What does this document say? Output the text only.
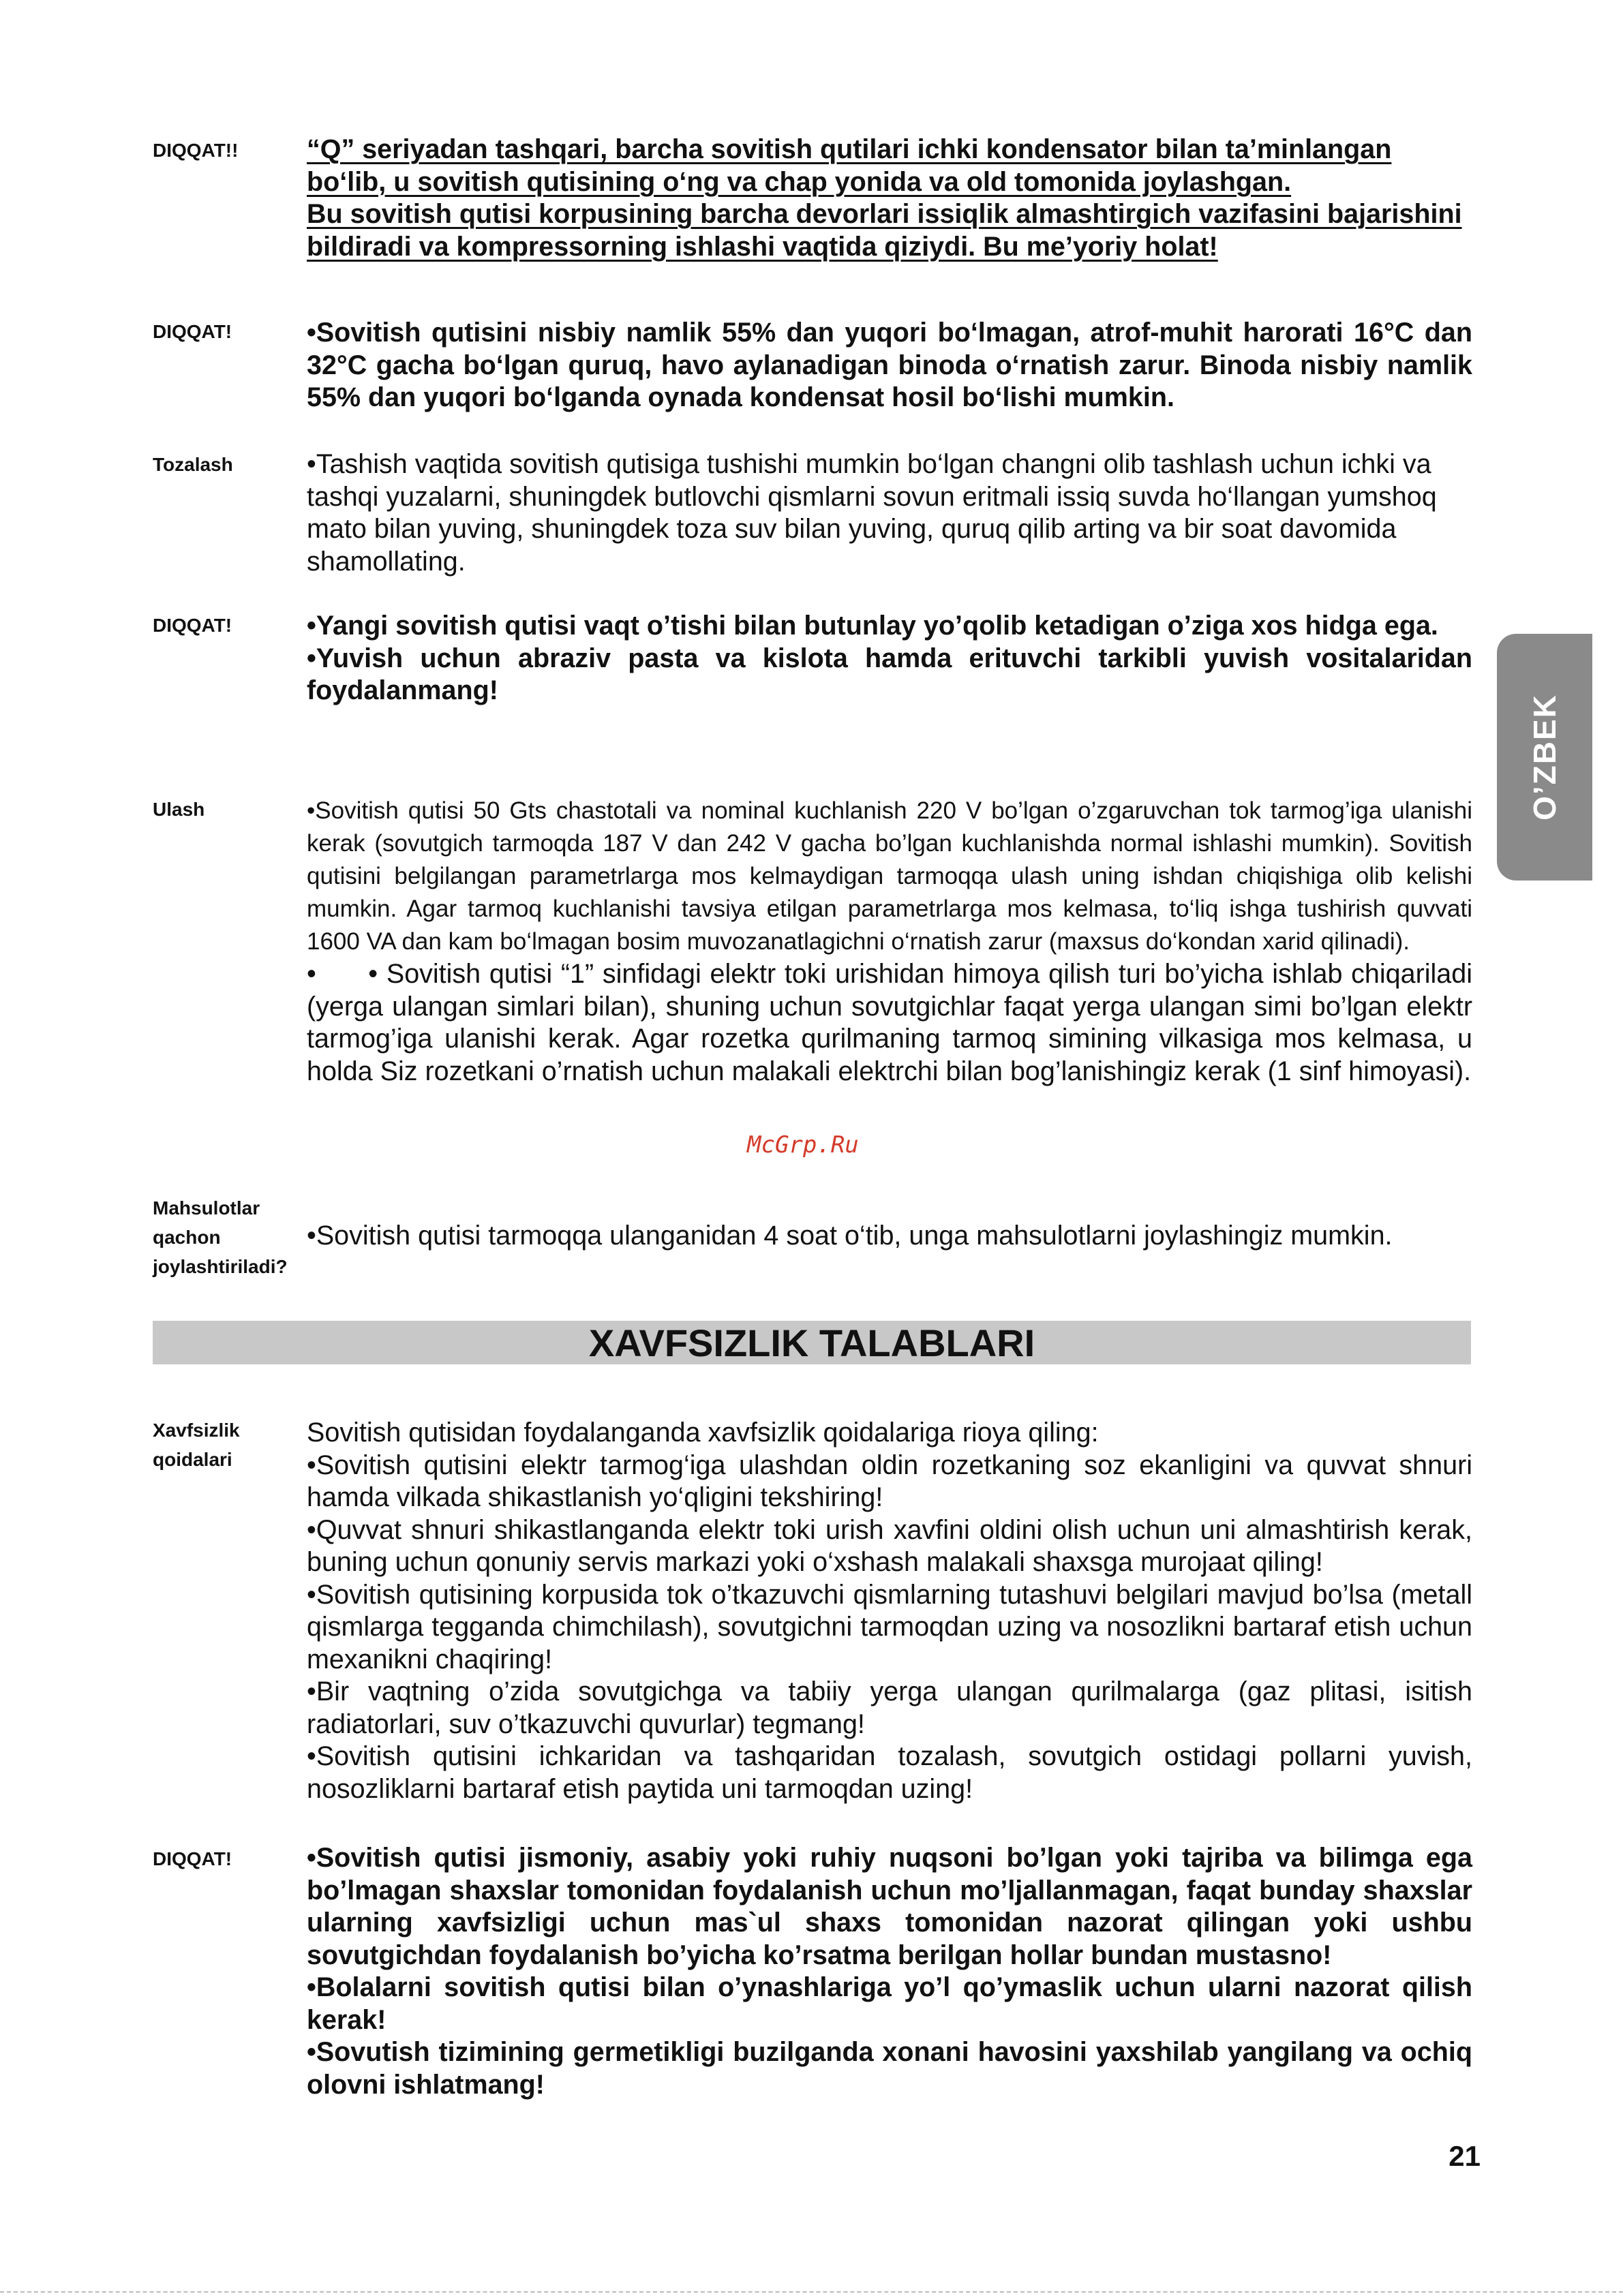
O’ZBEK
DIQQAT!!	“Q” seriyadan tashqari, barcha sovitish qutilari ichki kondensator bilan ta’minlangan bo‘lib, u sovitish qutisining o‘ng va chap yonida va old tomonida joylashgan.

Bu sovitish qutisi korpusining barcha devorlari issiqlik almashtirgich vazifasini bajarishini bildiradi va kompressorning ishlashi vaqtida qiziydi. Bu me’yoriy holat!

DIQQAT!	•Sovitish qutisini nisbiy namlik 55% dan yuqori bo‘lmagan, atrof-muhit harorati 16°C dan 32°C gacha bo‘lgan quruq, havo aylanadigan binoda o‘rnatish zarur. Binoda nisbiy namlik 55% dan yuqori bo‘lganda oynada kondensat hosil bo‘lishi mumkin.

Tozalash	•Tashish vaqtida sovitish qutisiga tushishi mumkin bo‘lgan changni olib tashlash uchun ichki va tashqi yuzalarni, shuningdek butlovchi qismlarni sovun eritmali issiq suvda ho‘llangan yumshoq mato bilan yuving, shuningdek toza suv bilan yuving, quruq qilib arting va bir soat davomida shamollating.

DIQQAT!	•Yangi sovitish qutisi vaqt o’tishi bilan butunlay yo’qolib ketadigan o’ziga xos hidga ega.

•Yuvish uchun abraziv pasta va kislota hamda erituvchi tarkibli yuvish vositalaridan foydalanmang!

Ulash	•Sovitish qutisi 50 Gts chastotali va nominal kuchlanish 220 V bo’lgan o’zgaruvchan tok tarmog’iga ulanishi kerak (sovutgich tarmoqda 187 V dan 242 V gacha bo’lgan kuchlanishda normal ishlashi mumkin). Sovitish qutisini belgilangan parametrlarga mos kelmaydigan tarmoqqa ulash uning ishdan chiqishiga olib kelishi mumkin. Agar tarmoq kuchlanishi tavsiya etilgan parametrlarga mos kelmasa, to‘liq ishga tushirish quvvati 1600 VA dan kam bo‘lmagan bosim muvozanatlagichni o‘rnatish zarur (maxsus do‘kondan xarid qilinadi).

•      • Sovitish qutisi “1” sinfidagi elektr toki urishidan himoya qilish turi bo’yicha ishlab chiqariladi (yerga ulangan simlari bilan), shuning uchun sovutgichlar faqat yerga ulangan simi bo’lgan elektr tarmog’iga ulanishi kerak. Agar rozetka qurilmaning tarmoq simining vilkasiga mos kelmasa, u holda Siz rozetkani o’rnatish uchun malakali elektrchi bilan bog’lanishingiz kerak (1 sinf himoyasi).

McGrp.Ru
Mahsulotlar
qachon
joylashtiriladi?

•Sovitish qutisi tarmoqqa ulanganidan 4 soat o‘tib, unga mahsulotlarni joylashingiz mumkin.

XAVFSIZLIK TALABLARI
Xavfsizlik
qoidalari

Sovitish qutisidan foydalanganda xavfsizlik qoidalariga rioya qiling:

•Sovitish qutisini elektr tarmog‘iga ulashdan oldin rozetkaning soz ekanligini va quvvat shnuri hamda vilkada shikastlanish yo‘qligini tekshiring!

•Quvvat shnuri shikastlanganda elektr toki urish xavfini oldini olish uchun uni almashtirish kerak, buning uchun qonuniy servis markazi yoki o‘xshash malakali shaxsga murojaat qiling!

•Sovitish qutisining korpusida tok o’tkazuvchi qismlarning tutashuvi belgilari mavjud bo’lsa (metall qismlarga tegganda chimchilash), sovutgichni tarmoqdan uzing va nosozlikni bartaraf etish uchun mexanikni chaqiring!

•Bir vaqtning o’zida sovutgichga va tabiiy yerga ulangan qurilmalarga (gaz plitasi, isitish radiatorlari, suv o’tkazuvchi quvurlar) tegmang!

•Sovitish qutisini ichkaridan va tashqaridan tozalash, sovutgich ostidagi pollarni yuvish, nosozliklarni bartaraf etish paytida uni tarmoqdan uzing!

DIQQAT!	•Sovitish qutisi jismoniy, asabiy yoki ruhiy nuqsoni bo’lgan yoki tajriba va bilimga ega bo’lmagan shaxslar tomonidan foydalanish uchun mo’ljallanmagan, faqat bunday shaxslar ularning xavfsizligi uchun mas`ul shaxs tomonidan nazorat qilingan yoki ushbu sovutgichdan foydalanish bo’yicha ko’rsatma berilgan hollar bundan mustasno!

•Bolalarni sovitish qutisi bilan o’ynashlariga yo’l qo’ymaslik uchun ularni nazorat qilish kerak!

•Sovutish tizimining germetikligi buzilganda xonani havosini yaxshilab yangilang va ochiq olovni ishlatmang!

21
